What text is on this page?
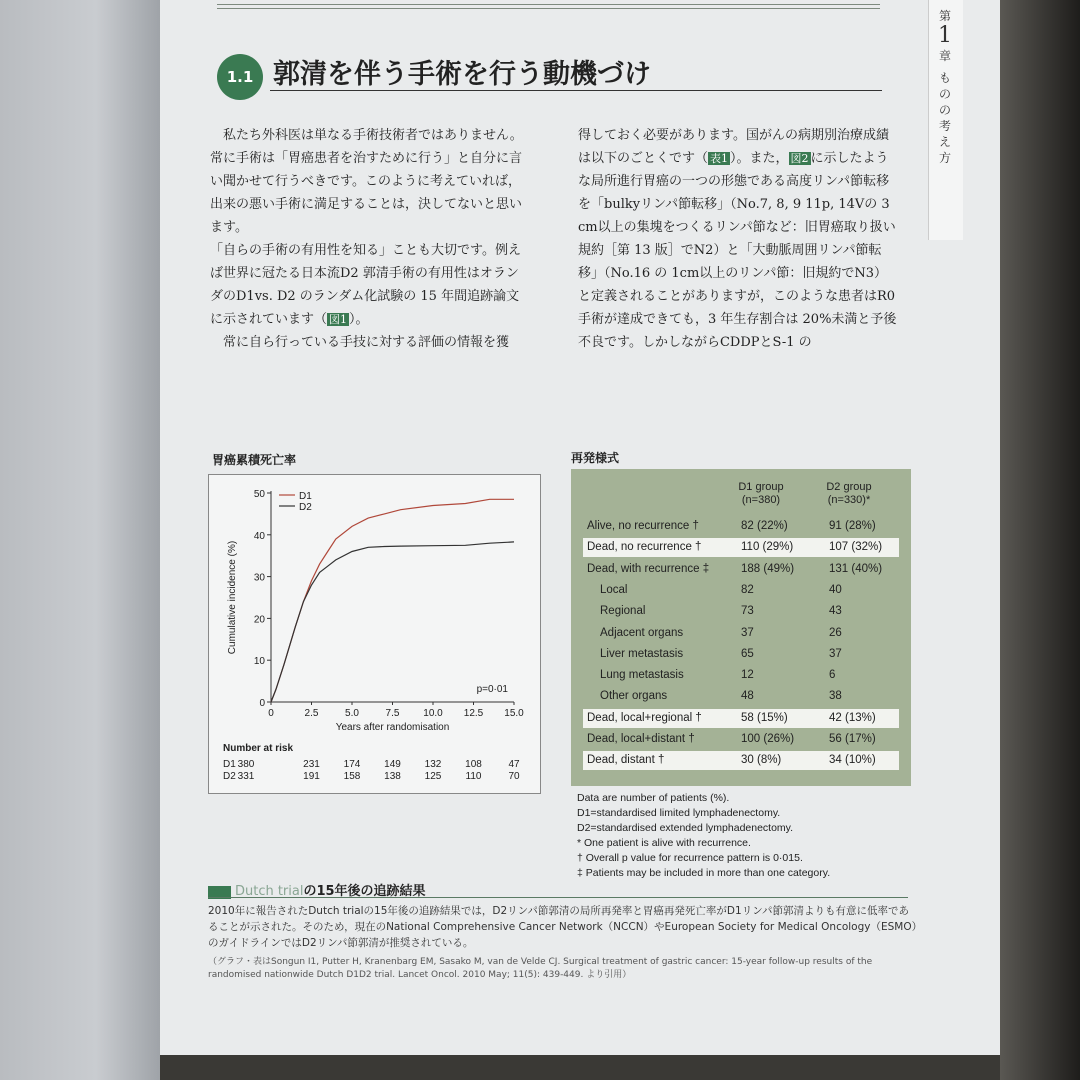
第
1
章
ものの考え方
1.1 郭清を伴う手術を行う動機づけ

私たち外科医は単なる手術技術者ではありません。常に手術は「胃癌患者を治すために行う」と自分に言い聞かせて行うべきです。このように考えていれば，出来の悪い手術に満足することは，決してないと思います。

「自らの手術の有用性を知る」ことも大切です。例えば世界に冠たる日本流D2 郭清手術の有用性はオランダのD1vs. D2 のランダム化試験の 15 年間追跡論文に示されています（ 図1 ）。

常に自ら行っている手技に対する評価の情報を獲

得しておく必要があります。国がんの病期別治療成績は以下のごとくです（ 表1 ）。また， 図2 に示したような局所進行胃癌の一つの形態である高度リンパ節転移を「bulkyリンパ節転移」（No.7, 8, 9 11p, 14Vの 3 cm以上の集塊をつくるリンパ節など：旧胃癌取り扱い規約［第 13 版］でN2）と「大動脈周囲リンパ節転移」（No.16 の 1cm以上のリンパ節：旧規約でN3）と定義されることがありますが，このような患者はR0 手術が達成できても，3 年生存割合は 20%未満と予後不良です。しかしながらCDDPとS-1 の

胃癌累積死亡率	再発様式
0
10
20
30
40
50
0	2.5	5.0	7.5 10.0 12.5 15.0
Years after randomisation
Cumulative incidence (%)
D1
D2
p=0·01
Number at risk
D1 380	231 174 149 132 108	47
D2 331	191 158 138 125 110	70
D1 group
(n=380)
D2 group
(n=330)*
Alive, no recurrence †	82 (22%)	91 (28%)
Dead, no recurrence †	110 (29%)	107 (32%)
Dead, with recurrence ‡	188 (49%)	131 (40%)
Local	82	40
Regional	73	43
Adjacent organs	37	26
Liver metastasis	65	37
Lung metastasis	12	6
Other organs	48	38
Dead, local+regional †	58 (15%)	42 (13%)
Dead, local+distant †	100 (26%)	56 (17%)
Dead, distant †	30 (8%)	34 (10%)
Data are number of patients (%).
D1=standardised limited lymphadenectomy.
D2=standardised extended lymphadenectomy.
* One patient is alive with recurrence.
† Overall p value for recurrence pattern is 0·015.
‡ Patients may be included in more than one category.
図1 Dutch trialの15年後の追跡結果
2010年に報告されたDutch trialの15年後の追跡結果では，D2リンパ節郭清の局所再発率と胃癌再発死亡率がD1リンパ節郭清よりも有意に低率であることが示された。そのため，現在のNational Comprehensive Cancer Network（NCCN）やEuropean Society for Medical Oncology（ESMO）のガイドラインではD2リンパ節郭清が推奨されている。
（グラフ・表はSongun I1, Putter H, Kranenbarg EM, Sasako M, van de Velde CJ. Surgical treatment of gastric cancer: 15-year follow-up results of the randomised nationwide Dutch D1D2 trial. Lancet Oncol. 2010 May; 11(5): 439-449. より引用）
